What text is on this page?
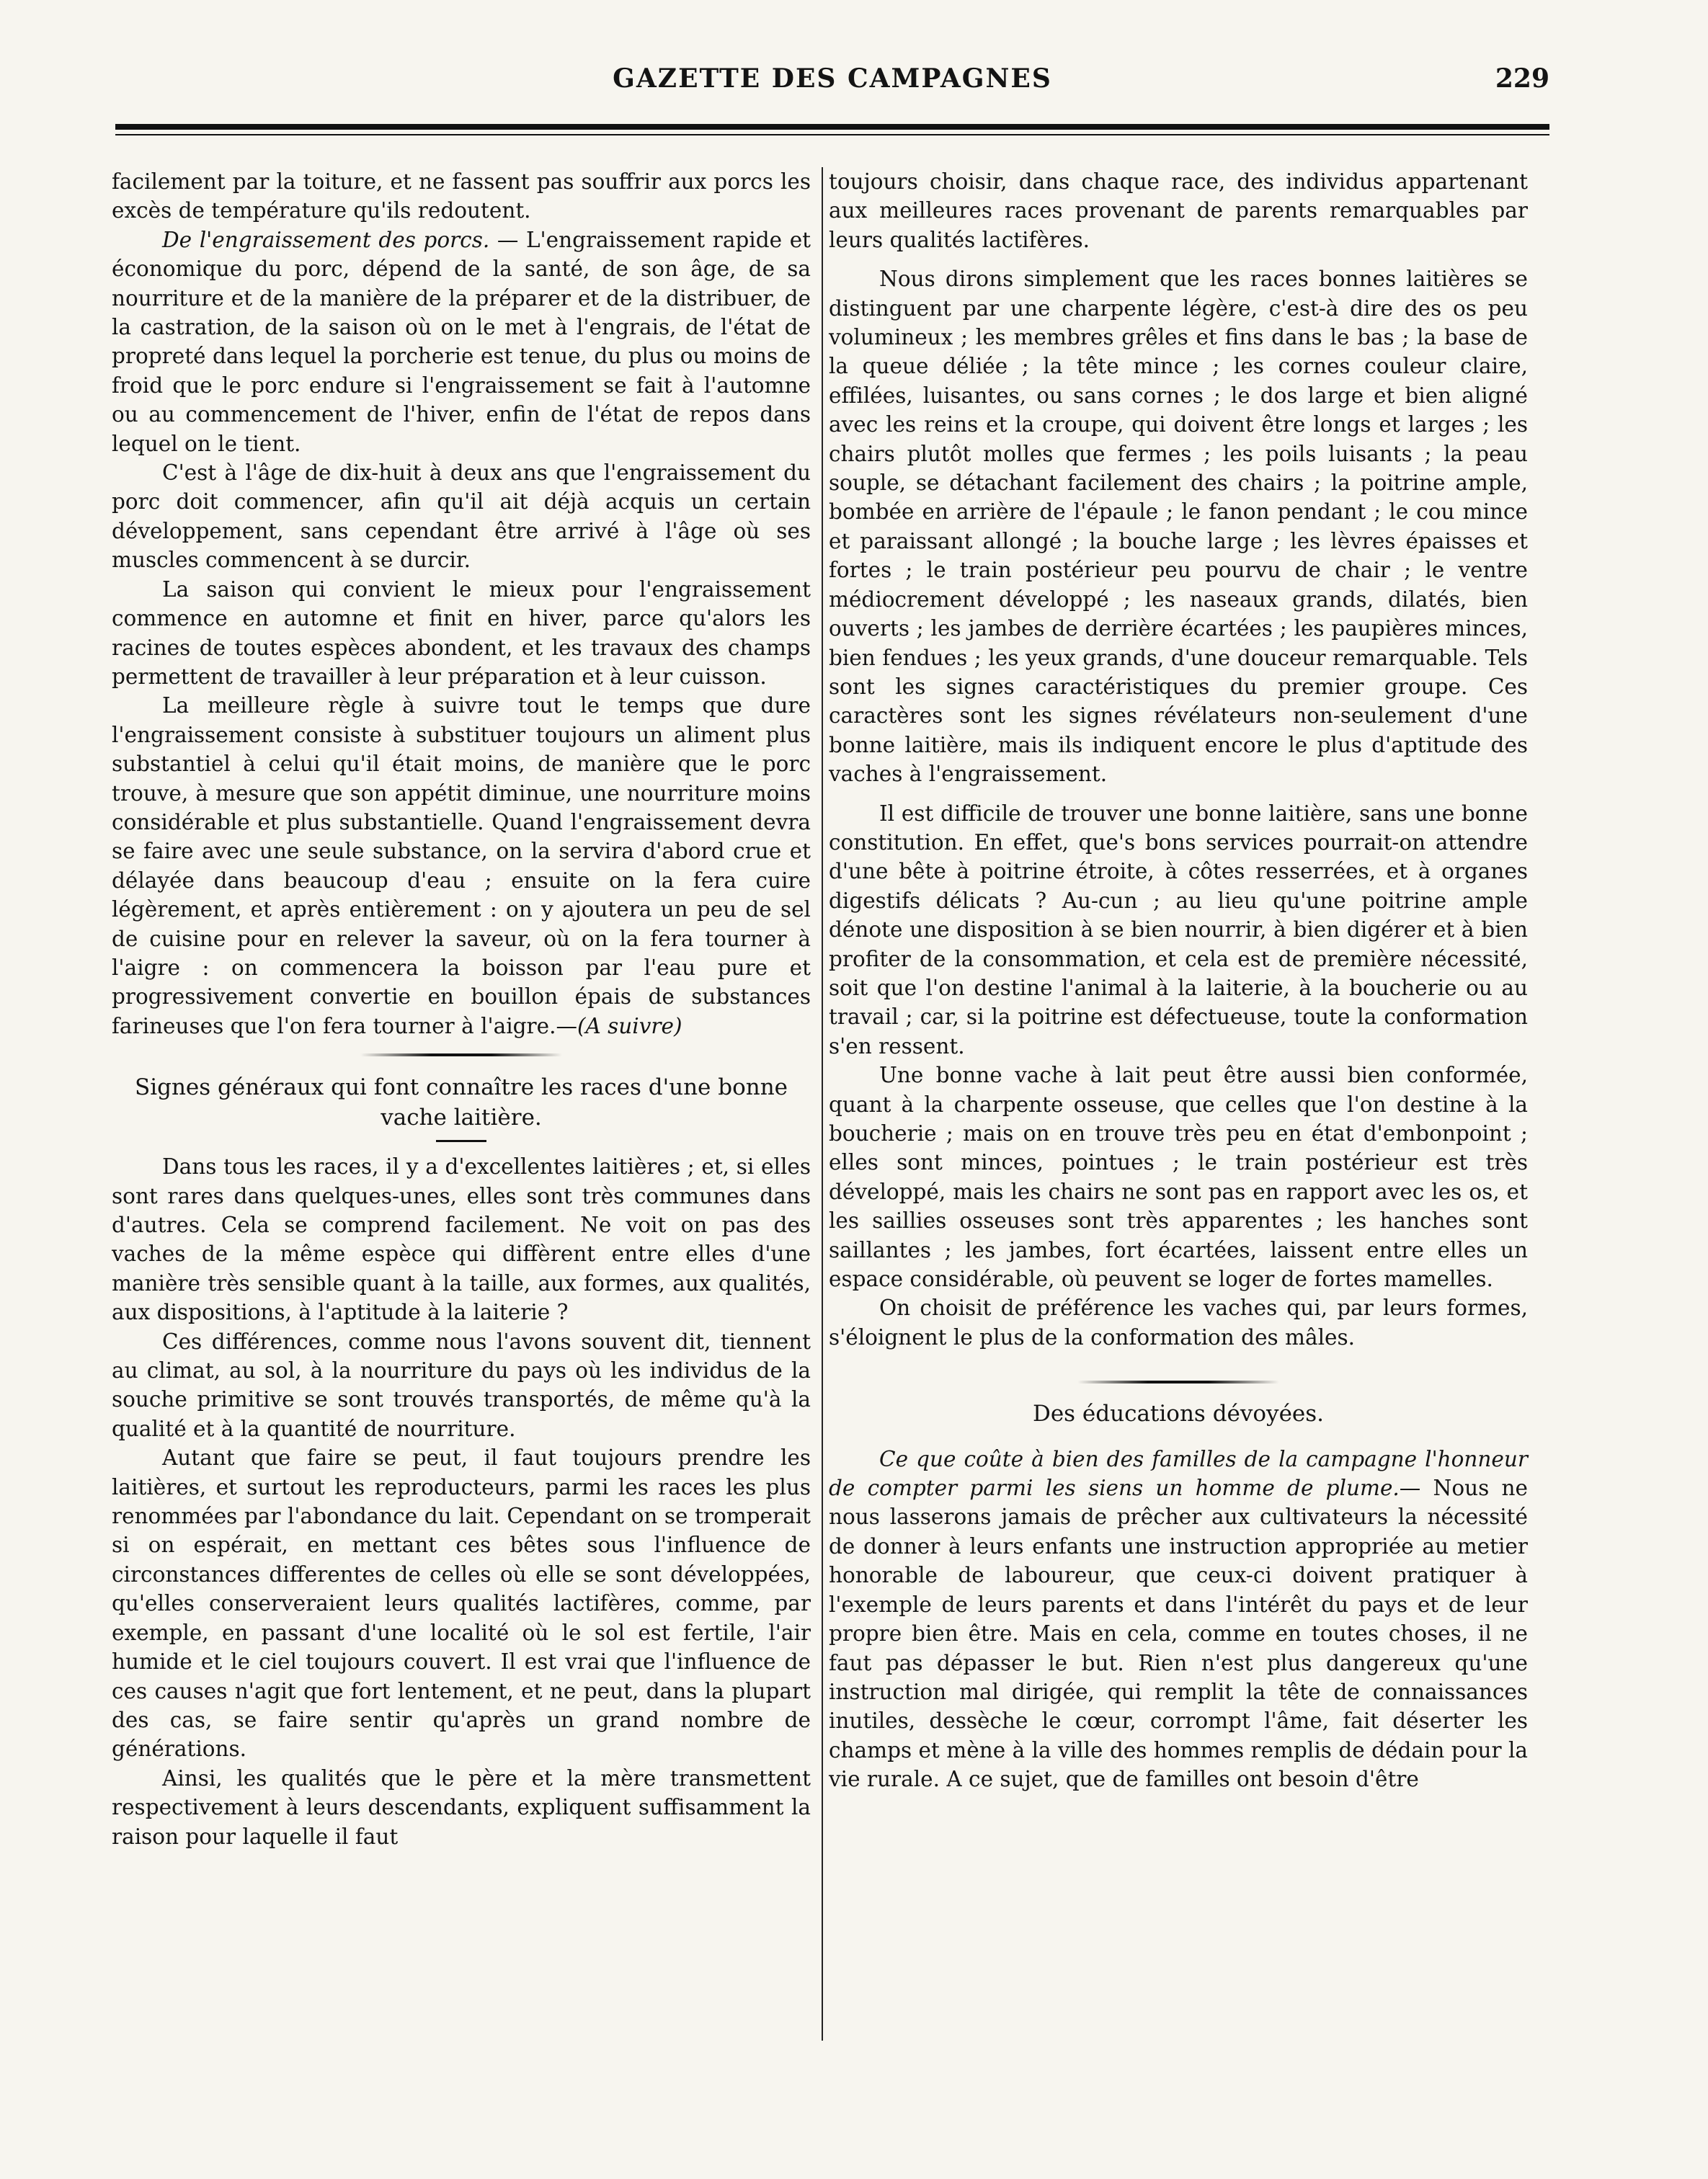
GAZETTE DES CAMPAGNES	229

facilement par la toiture, et ne fassent pas souffrir aux porcs les excès de température qu'ils redoutent.

De l'engraissement des porcs. — L'engraissement rapide et économique du porc, dépend de la santé, de son âge, de sa nourriture et de la manière de la préparer et de la distribuer, de la castration, de la saison où on le met à l'engrais, de l'état de propreté dans lequel la porcherie est tenue, du plus ou moins de froid que le porc endure si l'engraissement se fait à l'automne ou au commencement de l'hiver, enfin de l'état de repos dans lequel on le tient.

C'est à l'âge de dix-huit à deux ans que l'engraissement du porc doit commencer, afin qu'il ait déjà acquis un certain développement, sans cependant être arrivé à l'âge où ses muscles commencent à se durcir.

La saison qui convient le mieux pour l'engraissement commence en automne et finit en hiver, parce qu'alors les racines de toutes espèces abondent, et les travaux des champs permettent de travailler à leur préparation et à leur cuisson.

La meilleure règle à suivre tout le temps que dure l'engraissement consiste à substituer toujours un aliment plus substantiel à celui qu'il était moins, de manière que le porc trouve, à mesure que son appétit diminue, une nourriture moins considérable et plus substantielle. Quand l'engraissement devra se faire avec une seule substance, on la servira d'abord crue et délayée dans beaucoup d'eau ; ensuite on la fera cuire légèrement, et après entièrement : on y ajoutera un peu de sel de cuisine pour en relever la saveur, où on la fera tourner à l'aigre : on commencera la boisson par l'eau pure et progressivement convertie en bouillon épais de substances farineuses que l'on fera tourner à l'aigre.—(A suivre)

Signes généraux qui font connaître les races d'une bonne vache laitière.

Dans tous les races, il y a d'excellentes laitières ; et, si elles sont rares dans quelques-unes, elles sont très communes dans d'autres. Cela se comprend facilement. Ne voit on pas des vaches de la même espèce qui diffèrent entre elles d'une manière très sensible quant à la taille, aux formes, aux qualités, aux dispositions, à l'aptitude à la laiterie ?

Ces différences, comme nous l'avons souvent dit, tiennent au climat, au sol, à la nourriture du pays où les individus de la souche primitive se sont trouvés transportés, de même qu'à la qualité et à la quantité de nourriture.

Autant que faire se peut, il faut toujours prendre les laitières, et surtout les reproducteurs, parmi les races les plus renommées par l'abondance du lait. Cependant on se tromperait si on espérait, en mettant ces bêtes sous l'influence de circonstances differentes de celles où elle se sont développées, qu'elles conserveraient leurs qualités lactifères, comme, par exemple, en passant d'une localité où le sol est fertile, l'air humide et le ciel toujours couvert. Il est vrai que l'influence de ces causes n'agit que fort lentement, et ne peut, dans la plupart des cas, se faire sentir qu'après un grand nombre de générations.

Ainsi, les qualités que le père et la mère transmettent respectivement à leurs descendants, expliquent suffisamment la raison pour laquelle il faut

toujours choisir, dans chaque race, des individus appartenant aux meilleures races provenant de parents remarquables par leurs qualités lactifères.

Nous dirons simplement que les races bonnes laitières se distinguent par une charpente légère, c'est-à dire des os peu volumineux ; les membres grêles et fins dans le bas ; la base de la queue déliée ; la tête mince ; les cornes couleur claire, effilées, luisantes, ou sans cornes ; le dos large et bien aligné avec les reins et la croupe, qui doivent être longs et larges ; les chairs plutôt molles que fermes ; les poils luisants ; la peau souple, se détachant facilement des chairs ; la poitrine ample, bombée en arrière de l'épaule ; le fanon pendant ; le cou mince et paraissant allongé ; la bouche large ; les lèvres épaisses et fortes ; le train postérieur peu pourvu de chair ; le ventre médiocrement développé ; les naseaux grands, dilatés, bien ouverts ; les jambes de derrière écartées ; les paupières minces, bien fendues ; les yeux grands, d'une douceur remarquable. Tels sont les signes caractéristiques du premier groupe. Ces caractères sont les signes révélateurs non-seulement d'une bonne laitière, mais ils indiquent encore le plus d'aptitude des vaches à l'engraissement.

Il est difficile de trouver une bonne laitière, sans une bonne constitution. En effet, que's bons services pourrait-on attendre d'une bête à poitrine étroite, à côtes resserrées, et à organes digestifs délicats ? Au-cun ; au lieu qu'une poitrine ample dénote une disposition à se bien nourrir, à bien digérer et à bien profiter de la consommation, et cela est de première nécessité, soit que l'on destine l'animal à la laiterie, à la boucherie ou au travail ; car, si la poitrine est défectueuse, toute la conformation s'en ressent.

Une bonne vache à lait peut être aussi bien conformée, quant à la charpente osseuse, que celles que l'on destine à la boucherie ; mais on en trouve très peu en état d'embonpoint ; elles sont minces, pointues ; le train postérieur est très développé, mais les chairs ne sont pas en rapport avec les os, et les saillies osseuses sont très apparentes ; les hanches sont saillantes ; les jambes, fort écartées, laissent entre elles un espace considérable, où peuvent se loger de fortes mamelles.

On choisit de préférence les vaches qui, par leurs formes, s'éloignent le plus de la conformation des mâles.

Des éducations dévoyées.

Ce que coûte à bien des familles de la campagne l'honneur de compter parmi les siens un homme de plume.— Nous ne nous lasserons jamais de prêcher aux cultivateurs la nécessité de donner à leurs enfants une instruction appropriée au metier honorable de laboureur, que ceux-ci doivent pratiquer à l'exemple de leurs parents et dans l'intérêt du pays et de leur propre bien être. Mais en cela, comme en toutes choses, il ne faut pas dépasser le but. Rien n'est plus dangereux qu'une instruction mal dirigée, qui remplit la tête de connaissances inutiles, dessèche le cœur, corrompt l'âme, fait déserter les champs et mène à la ville des hommes remplis de dédain pour la vie rurale. A ce sujet, que de familles ont besoin d'être
